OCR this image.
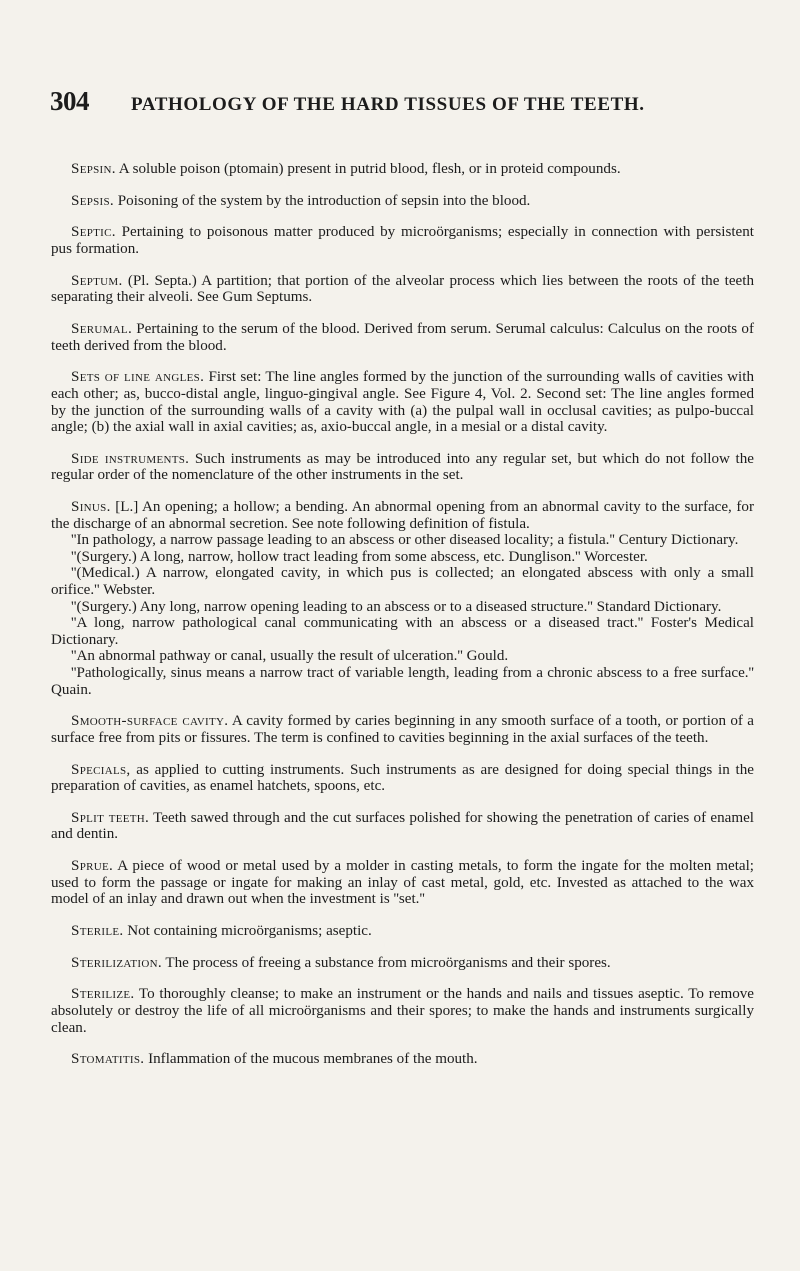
304 PATHOLOGY OF THE HARD TISSUES OF THE TEETH.

Sepsin. A soluble poison (ptomain) present in putrid blood, flesh, or in proteid compounds.

Sepsis. Poisoning of the system by the introduction of sepsin into the blood.

Septic. Pertaining to poisonous matter produced by microörganisms; especially in connection with persistent pus formation.

Septum. (Pl. Septa.) A partition; that portion of the alveolar process which lies between the roots of the teeth separating their alveoli. See Gum Septums.

Serumal. Pertaining to the serum of the blood. Derived from serum. Serumal calculus: Calculus on the roots of teeth derived from the blood.

Sets of line angles. First set: The line angles formed by the junction of the surrounding walls of cavities with each other; as, bucco-distal angle, linguo-gingival angle. See Figure 4, Vol. 2. Second set: The line angles formed by the junction of the surrounding walls of a cavity with (a) the pulpal wall in occlusal cavities; as pulpo-buccal angle; (b) the axial wall in axial cavities; as, axio-buccal angle, in a mesial or a distal cavity.

Side instruments. Such instruments as may be introduced into any regular set, but which do not follow the regular order of the nomenclature of the other instruments in the set.

Sinus. [L.] An opening; a hollow; a bending. An abnormal opening from an abnormal cavity to the surface, for the discharge of an abnormal secretion. See note following definition of fistula.

''In pathology, a narrow passage leading to an abscess or other diseased locality; a fistula.'' Century Dictionary.

''(Surgery.) A long, narrow, hollow tract leading from some abscess, etc. Dunglison.'' Worcester.

''(Medical.) A narrow, elongated cavity, in which pus is collected; an elongated abscess with only a small orifice.'' Webster.

''(Surgery.) Any long, narrow opening leading to an abscess or to a diseased structure.'' Standard Dictionary.

''A long, narrow pathological canal communicating with an abscess or a diseased tract.'' Foster's Medical Dictionary.

''An abnormal pathway or canal, usually the result of ulceration.'' Gould.

''Pathologically, sinus means a narrow tract of variable length, leading from a chronic abscess to a free surface.'' Quain.

Smooth-surface cavity. A cavity formed by caries beginning in any smooth surface of a tooth, or portion of a surface free from pits or fissures. The term is confined to cavities beginning in the axial surfaces of the teeth.

Specials, as applied to cutting instruments. Such instruments as are designed for doing special things in the preparation of cavities, as enamel hatchets, spoons, etc.

Split teeth. Teeth sawed through and the cut surfaces polished for showing the penetration of caries of enamel and dentin.

Sprue. A piece of wood or metal used by a molder in casting metals, to form the ingate for the molten metal; used to form the passage or ingate for making an inlay of cast metal, gold, etc. Invested as attached to the wax model of an inlay and drawn out when the investment is ''set.''

Sterile. Not containing microörganisms; aseptic.

Sterilization. The process of freeing a substance from microörganisms and their spores.

Sterilize. To thoroughly cleanse; to make an instrument or the hands and nails and tissues aseptic. To remove absolutely or destroy the life of all microörganisms and their spores; to make the hands and instruments surgically clean.

Stomatitis. Inflammation of the mucous membranes of the mouth.
